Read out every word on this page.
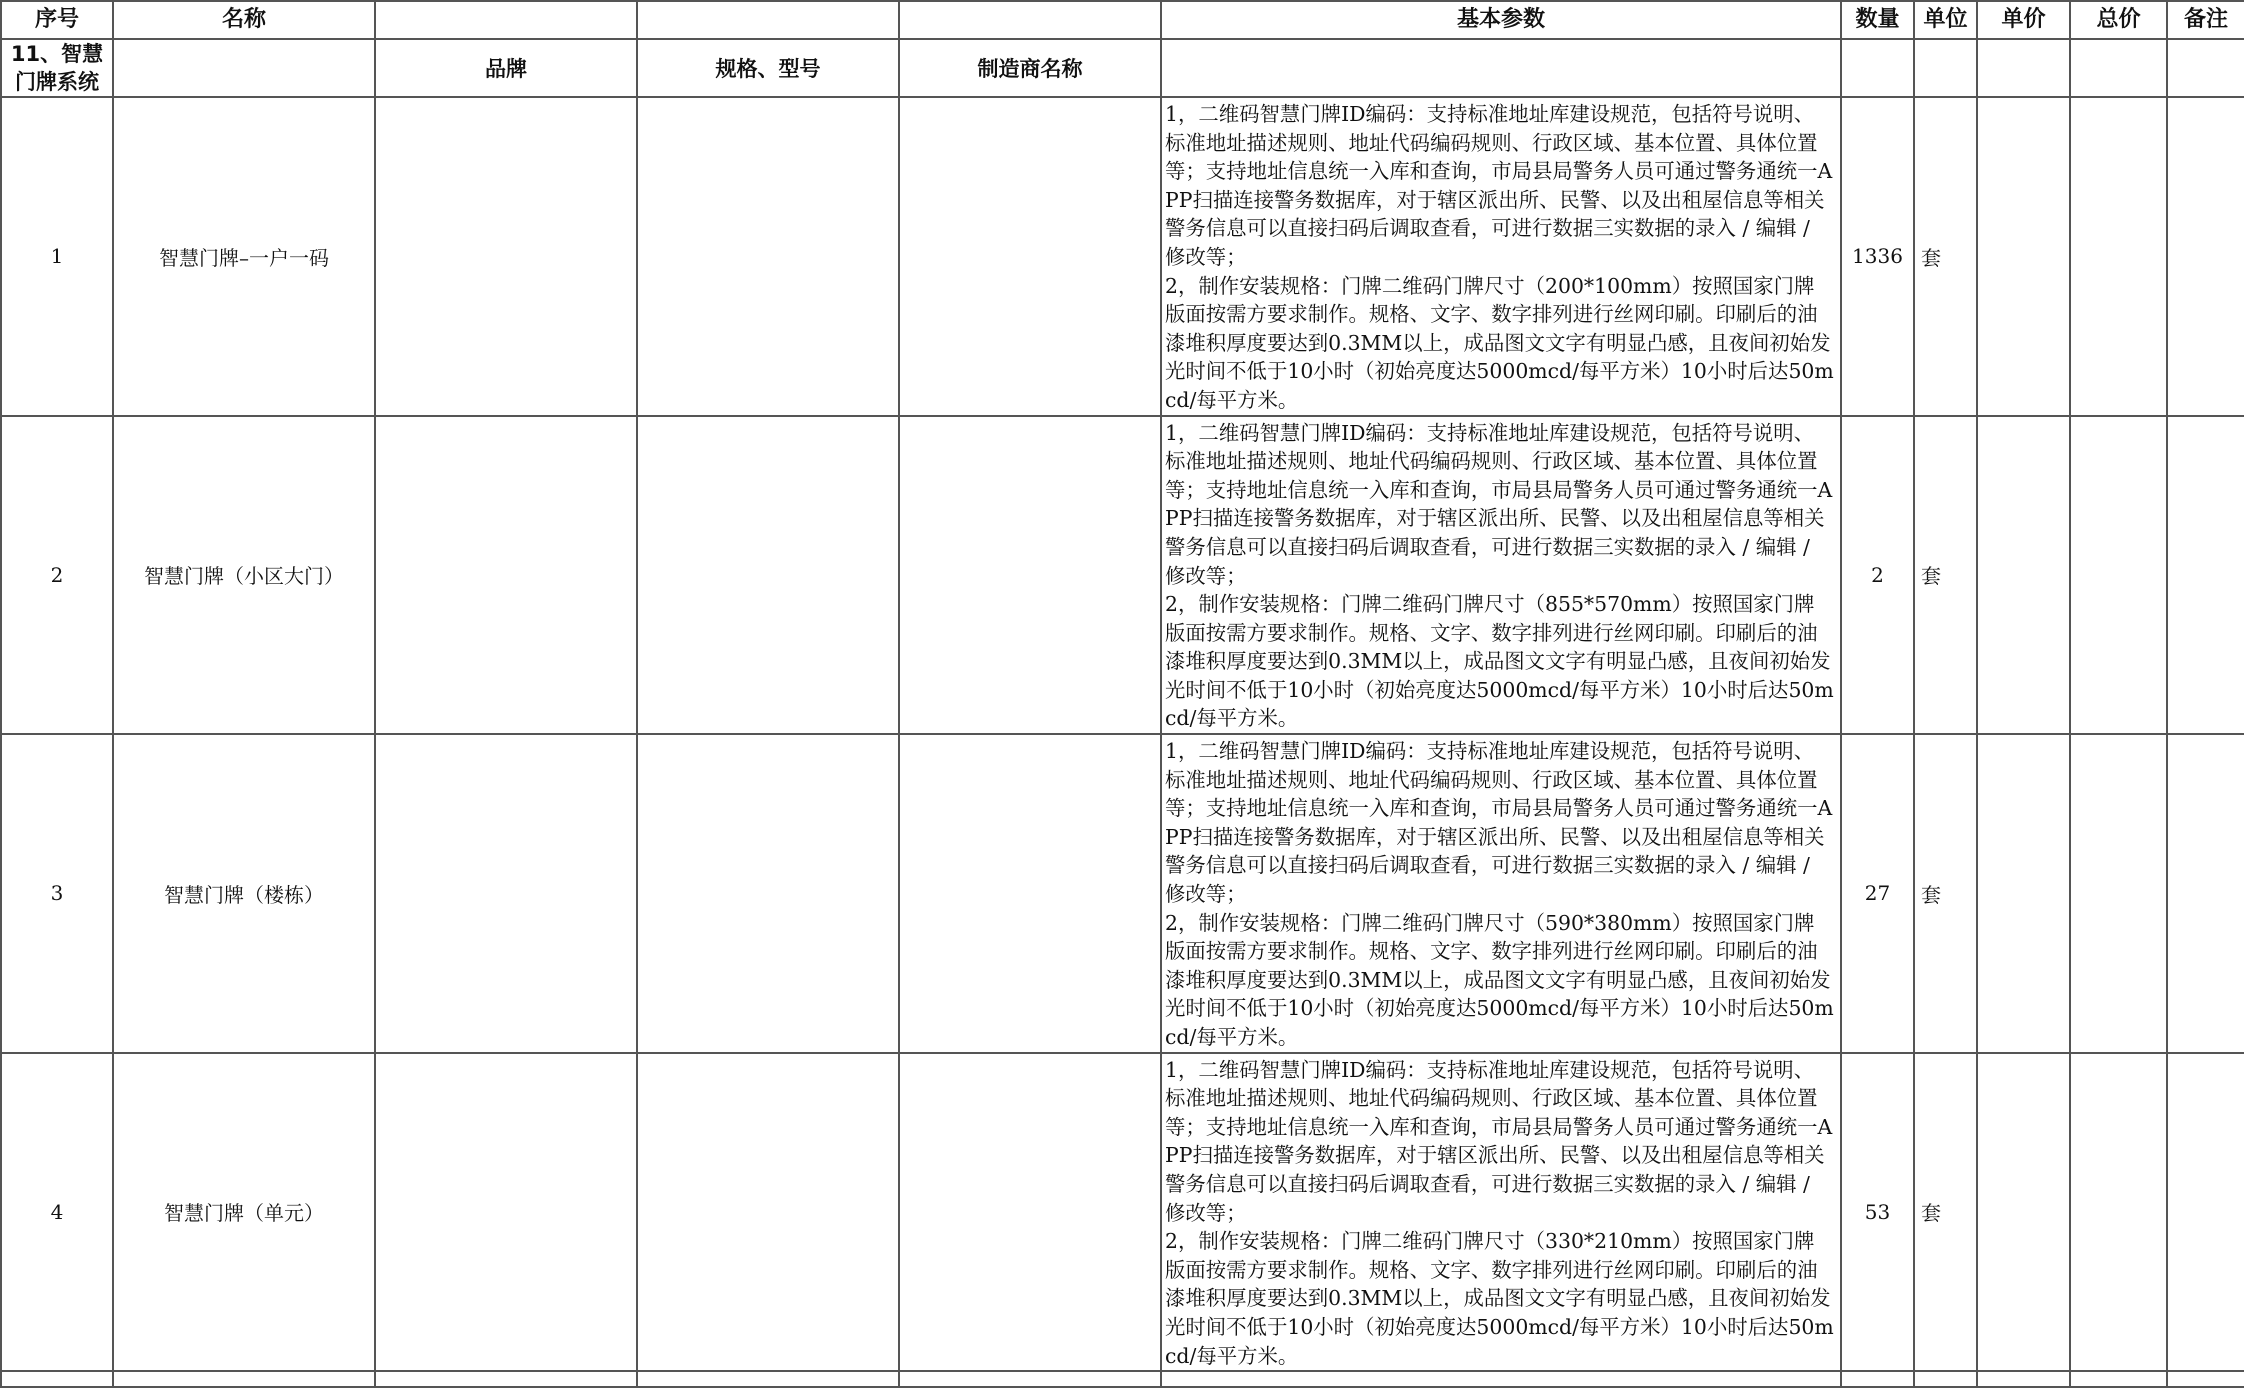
序号	名称				基本参数	数量	单位	单价	总价	备注
11、智慧门牌系统		品牌	规格、型号	制造商名称						
1	智慧门牌–一户一码				1，二维码智慧门牌ID编码：支持标准地址库建设规范，包括符号说明、标准地址描述规则、地址代码编码规则、行政区域、基本位置、具体位置等；支持地址信息统一入库和查询，市局县局警务人员可通过警务通统一APP扫描连接警务数据库，对于辖区派出所、民警、以及出租屋信息等相关警务信息可以直接扫码后调取查看，可进行数据三实数据的录入 / 编辑 / 修改等；
2，制作安装规格：门牌二维码门牌尺寸（200*100mm）按照国家门牌版面按需方要求制作。规格、文字、数字排列进行丝网印刷。印刷后的油漆堆积厚度要达到0.3MM以上，成品图文文字有明显凸感，且夜间初始发光时间不低于10小时（初始亮度达5000mcd/每平方米）10小时后达50mcd/每平方米。	1336	套			
2	智慧门牌（小区大门）				1，二维码智慧门牌ID编码：支持标准地址库建设规范，包括符号说明、标准地址描述规则、地址代码编码规则、行政区域、基本位置、具体位置等；支持地址信息统一入库和查询，市局县局警务人员可通过警务通统一APP扫描连接警务数据库，对于辖区派出所、民警、以及出租屋信息等相关警务信息可以直接扫码后调取查看，可进行数据三实数据的录入 / 编辑 / 修改等；
2，制作安装规格：门牌二维码门牌尺寸（855*570mm）按照国家门牌版面按需方要求制作。规格、文字、数字排列进行丝网印刷。印刷后的油漆堆积厚度要达到0.3MM以上，成品图文文字有明显凸感，且夜间初始发光时间不低于10小时（初始亮度达5000mcd/每平方米）10小时后达50mcd/每平方米。	2	套			
3	智慧门牌（楼栋）				1，二维码智慧门牌ID编码：支持标准地址库建设规范，包括符号说明、标准地址描述规则、地址代码编码规则、行政区域、基本位置、具体位置等；支持地址信息统一入库和查询，市局县局警务人员可通过警务通统一APP扫描连接警务数据库，对于辖区派出所、民警、以及出租屋信息等相关警务信息可以直接扫码后调取查看，可进行数据三实数据的录入 / 编辑 / 修改等；
2，制作安装规格：门牌二维码门牌尺寸（590*380mm）按照国家门牌版面按需方要求制作。规格、文字、数字排列进行丝网印刷。印刷后的油漆堆积厚度要达到0.3MM以上，成品图文文字有明显凸感，且夜间初始发光时间不低于10小时（初始亮度达5000mcd/每平方米）10小时后达50mcd/每平方米。	27	套			
4	智慧门牌（单元）				1，二维码智慧门牌ID编码：支持标准地址库建设规范，包括符号说明、标准地址描述规则、地址代码编码规则、行政区域、基本位置、具体位置等；支持地址信息统一入库和查询，市局县局警务人员可通过警务通统一APP扫描连接警务数据库，对于辖区派出所、民警、以及出租屋信息等相关警务信息可以直接扫码后调取查看，可进行数据三实数据的录入 / 编辑 / 修改等；
2，制作安装规格：门牌二维码门牌尺寸（330*210mm）按照国家门牌版面按需方要求制作。规格、文字、数字排列进行丝网印刷。印刷后的油漆堆积厚度要达到0.3MM以上，成品图文文字有明显凸感，且夜间初始发光时间不低于10小时（初始亮度达5000mcd/每平方米）10小时后达50mcd/每平方米。	53	套			
